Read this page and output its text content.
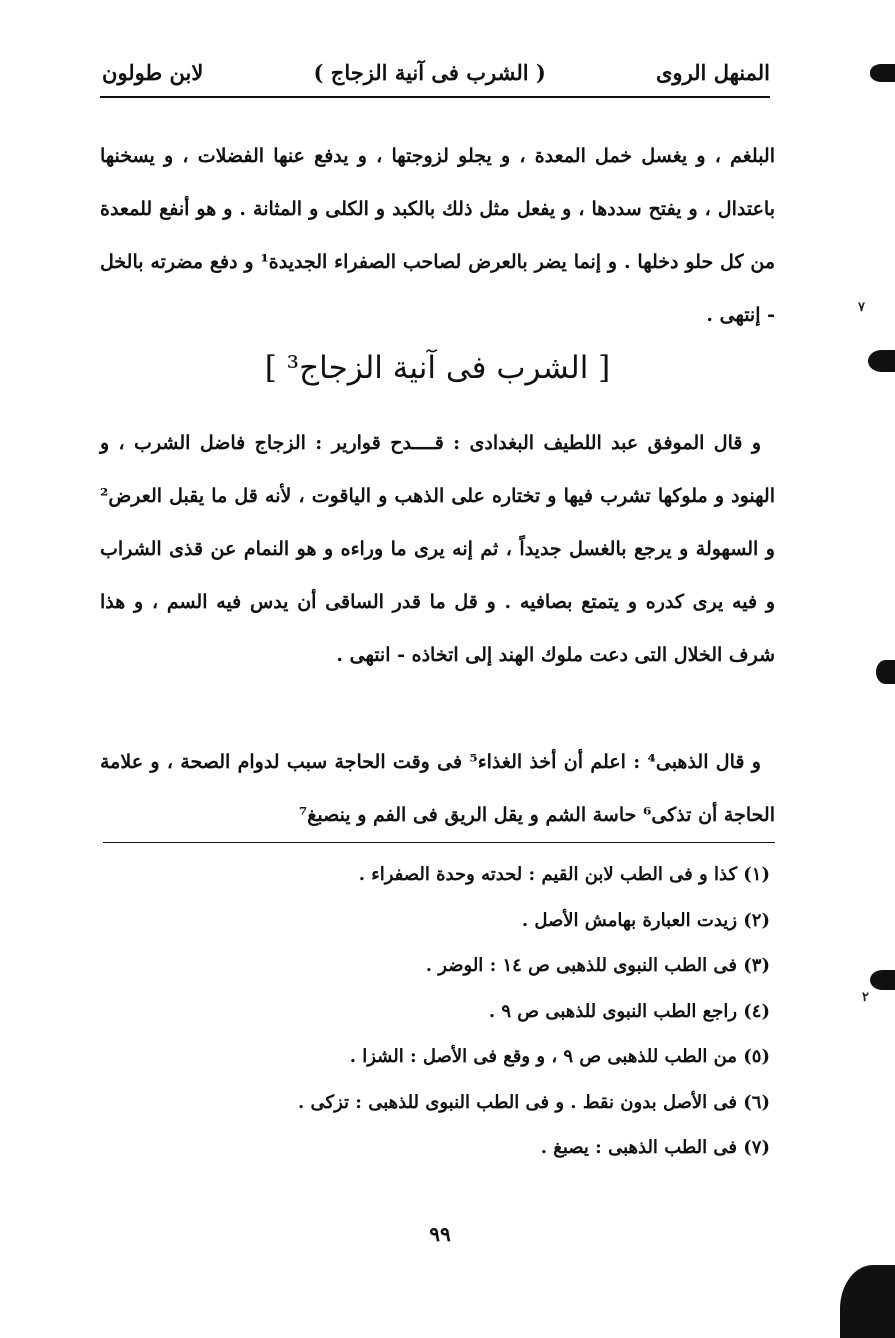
المنهل الروى
( الشرب فى آنية الزجاج )
لابن طولون

البلغم ، و يغسل خمل المعدة ، و يجلو لزوجتها ، و يدفع عنها الفضلات ، و يسخنها باعتدال ، و يفتح سددها ، و يفعل مثل ذلك بالكبد و الكلى و المثانة . و هو أنفع للمعدة من كل حلو دخلها . و إنما يضر بالعرض لصاحب الصفراء الجديدة¹ و دفع مضرته بالخل - إنتهى .

[ الشرب فى آنية الزجاج³ ]

و قال الموفق عبد اللطيف البغدادى : قــــدح قوارير : الزجاج فاضل الشرب ، و الهنود و ملوكها تشرب فيها و تختاره على الذهب و الياقوت ، لأنه قل ما يقبل العرض² و السهولة و يرجع بالغسل جديداً ، ثم إنه يرى ما وراءه و هو النمام عن قذى الشراب و فيه يرى كدره و يتمتع بصافيه . و قل ما قدر الساقى أن يدس فيه السم ، و هذا شرف الخلال التى دعت ملوك الهند إلى اتخاذه - انتهى .

و قال الذهبى⁴ : اعلم أن أخذ الغذاء⁵ فى وقت الحاجة سبب لدوام الصحة ، و علامة الحاجة أن تذكى⁶ حاسة الشم و يقل الريق فى الفم و ينصبغ⁷

(١) كذا و فى الطب لابن القيم : لحدته وحدة الصفراء .
(٢) زيدت العبارة بهامش الأصل .
(٣) فى الطب النبوى للذهبى ص ١٤ : الوضر .
(٤) راجع الطب النبوى للذهبى ص ٩ .
(٥) من الطب للذهبى ص ٩ ، و وقع فى الأصل : الشزا .
(٦) فى الأصل بدون نقط . و فى الطب النبوى للذهبى : تزكى .
(٧) فى الطب الذهبى : يصبغ .
٩٩
٧
٢
